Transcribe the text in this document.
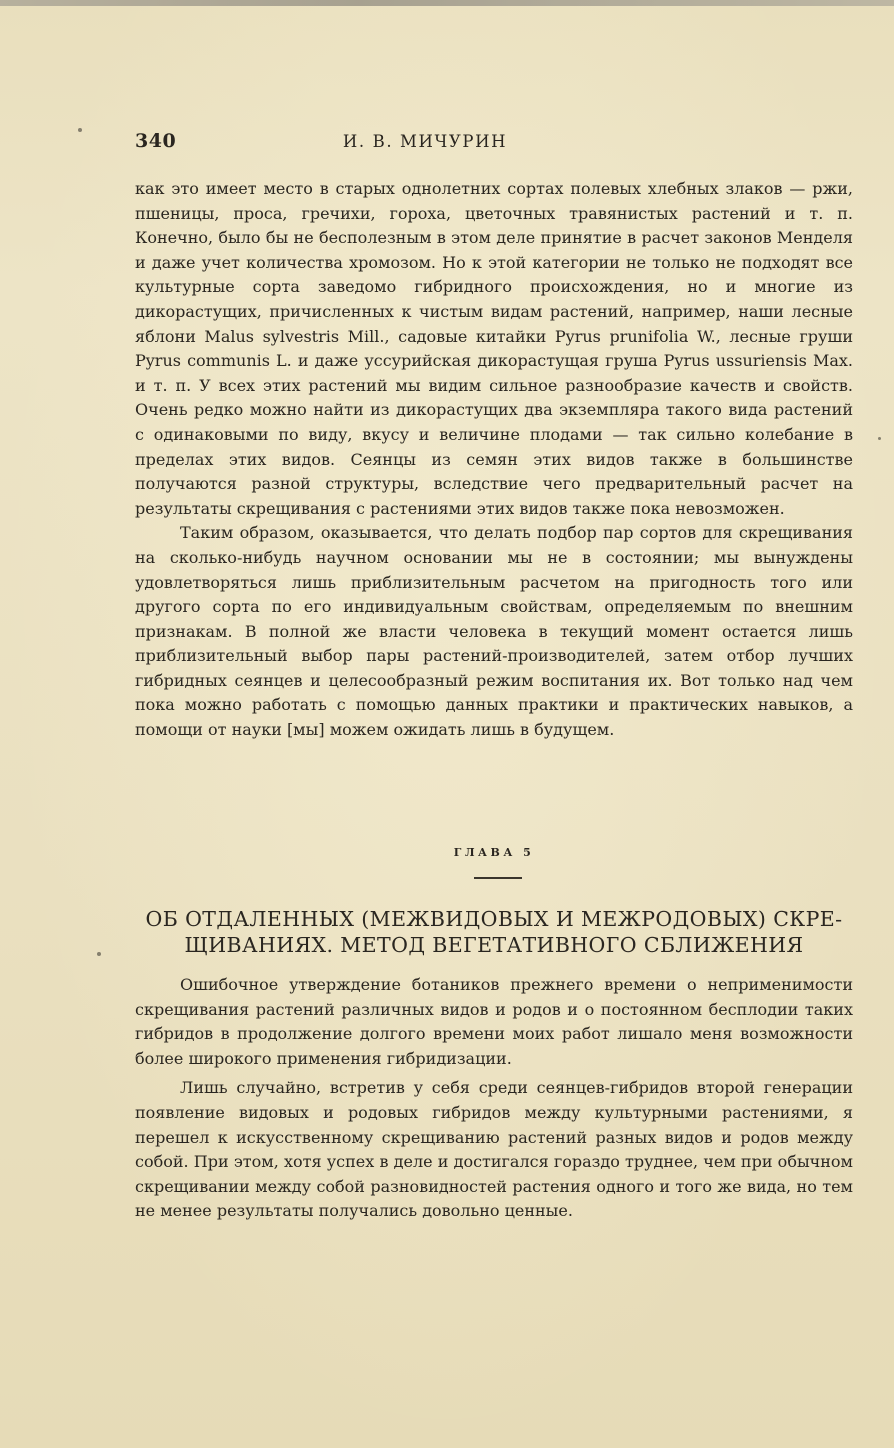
340	И. В. МИЧУРИН

как это имеет место в старых однолетних сортах полевых хлебных злаков — ржи, пшеницы, проса, гречихи, гороха, цветочных травянистых растений и т. п. Конечно, было бы не бесполезным в этом деле принятие в расчет законов Менделя и даже учет количества хромозом. Но к этой категории не только не подходят все культурные сорта заведомо гибридного происхождения, но и многие из дикорастущих, причисленных к чистым видам растений, например, наши лесные яблони Malus sylvestris Mill., садовые китайки Pyrus prunifolia W., лесные груши Pyrus communis L. и даже уссурийская дикорастущая груша Pyrus ussuriensis Max. и т. п. У всех этих растений мы видим сильное разнообразие качеств и свойств. Очень редко можно найти из дикорастущих два экземпляра такого вида растений с одинаковыми по виду, вкусу и величине плодами — так сильно колебание в пределах этих видов. Сеянцы из семян этих видов также в большинстве получаются разной структуры, вследствие чего предварительный расчет на результаты скрещивания с растениями этих видов также пока невозможен.

Таким образом, оказывается, что делать подбор пар сортов для скрещивания на сколько-нибудь научном основании мы не в состоянии; мы вынуждены удовлетворяться лишь приблизительным расчетом на пригодность того или другого сорта по его индивидуальным свойствам, определяемым по внешним признакам. В полной же власти человека в текущий момент остается лишь приблизительный выбор пары растений-производителей, затем отбор лучших гибридных сеянцев и целесообразный режим воспитания их. Вот только над чем пока можно работать с помощью данных практики и практических навыков, а помощи от науки [мы] можем ожидать лишь в будущем.

ГЛАВА 5
ОБ ОТДАЛЕННЫХ (МЕЖВИДОВЫХ И МЕЖРОДОВЫХ) СКРЕ-
ЩИВАНИЯХ. МЕТОД ВЕГЕТАТИВНОГО СБЛИЖЕНИЯ

Ошибочное утверждение ботаников прежнего времени о неприменимости скрещивания растений различных видов и родов и о постоянном бесплодии таких гибридов в продолжение долгого времени моих работ лишало меня возможности более широкого применения гибридизации.

Лишь случайно, встретив у себя среди сеянцев-гибридов второй генерации появление видовых и родовых гибридов между культурными растениями, я перешел к искусственному скрещиванию растений разных видов и родов между собой. При этом, хотя успех в деле и достигался гораздо труднее, чем при обычном скрещивании между собой разновидностей растения одного и того же вида, но тем не менее результаты получались довольно ценные.
